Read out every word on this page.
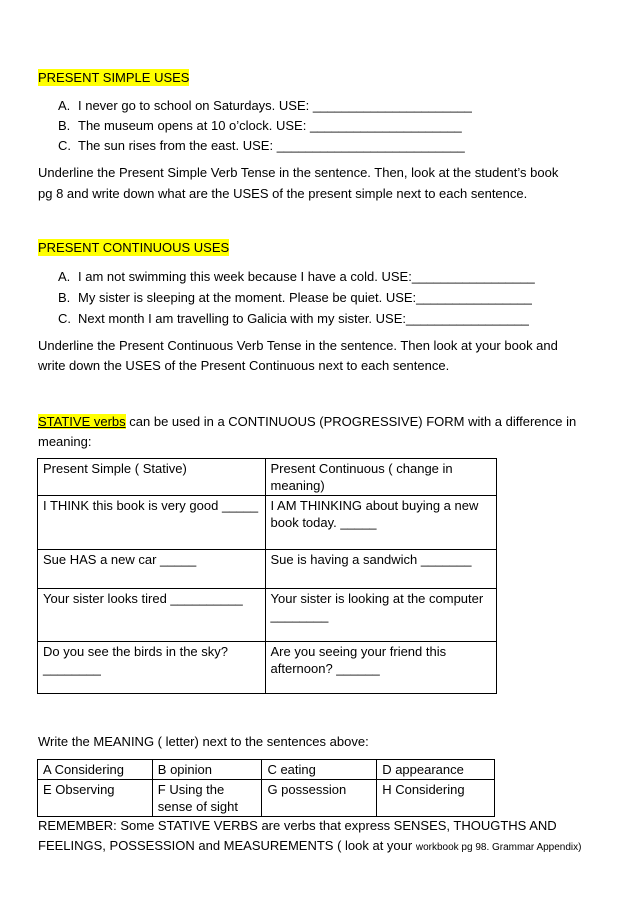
PRESENT SIMPLE USES
A. I never go to school on Saturdays. USE: ______________________
B. The museum opens at 10 o’clock. USE: _____________________
C. The sun rises from the east. USE: __________________________
Underline the Present Simple Verb Tense in the sentence. Then, look at the student’s book
pg 8 and write down what are the USES of the present simple next to each sentence.
PRESENT CONTINUOUS USES
A. I am not swimming this week because I have a cold. USE:_________________
B. My sister is sleeping at the moment. Please be quiet. USE:________________
C. Next month I am travelling to Galicia with my sister. USE:_________________
Underline the Present Continuous Verb Tense in the sentence. Then look at your book and
write down the USES of the Present Continuous next to each sentence.
STATIVE verbs can be used in a CONTINUOUS (PROGRESSIVE) FORM with a difference in
meaning:
Present Simple ( Stative)	Present Continuous ( change in meaning)
I THINK this book is very good _____	I AM THINKING about buying a new book today. _____
Sue HAS a new car _____	Sue is having a sandwich _______
Your sister looks tired __________	Your sister is looking at the computer ________
Do you see the birds in the sky? ________	Are you seeing your friend this afternoon? ______
Write the MEANING ( letter) next to the sentences above:
A Considering	B opinion	C eating	D appearance
E Observing	F Using the sense of sight	G possession	H Considering
REMEMBER: Some STATIVE VERBS are verbs that express SENSES, THOUGTHS AND
FEELINGS, POSSESSION and MEASUREMENTS ( look at your workbook pg 98. Grammar Appendix)
